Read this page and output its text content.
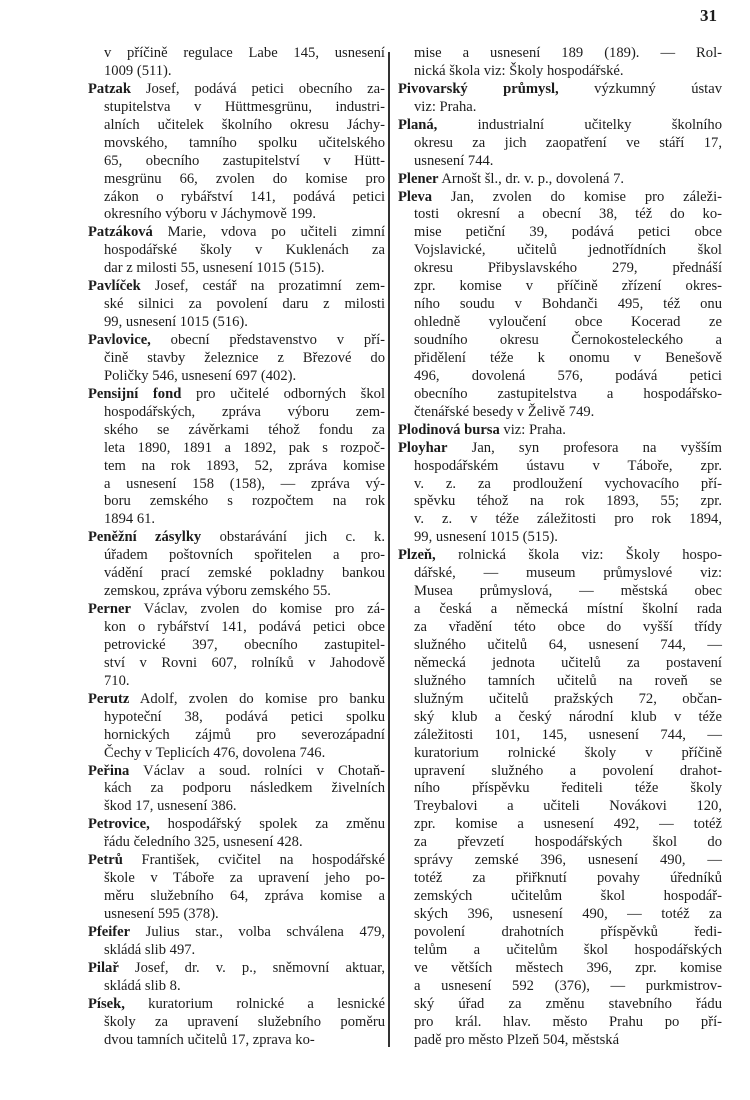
31
v příčině regulace Labe 145, usnesení
1009 (511).
Patzak Josef, podává petici obecního za-
stupitelstva v Hüttmesgrünu, industri-
alních učitelek školního okresu Jáchy-
movského, tamního spolku učitelského
65, obecního zastupitelství v Hütt-
mesgrünu 66, zvolen do komise pro
zákon o rybářství 141, podává petici
okresního výboru v Jáchymově 199.
Patzáková Marie, vdova po učiteli zimní
hospodářské školy v Kuklenách za
dar z milosti 55, usnesení 1015 (515).
Pavlíček Josef, cestář na prozatimní zem-
ské silnici za povolení daru z milosti
99, usnesení 1015 (516).
Pavlovice, obecní představenstvo v pří-
čině stavby železnice z Březové do
Poličky 546, usnesení 697 (402).
Pensijní fond pro učitelé odborných škol
hospodářských, zpráva výboru zem-
ského se závěrkami téhož fondu za
leta 1890, 1891 a 1892, pak s rozpoč-
tem na rok 1893, 52, zpráva komise
a usnesení 158 (158), — zpráva vý-
boru zemského s rozpočtem na rok
1894 61.
Peněžní zásylky obstarávání jich c. k.
úřadem poštovních spořitelen a pro-
vádění prací zemské pokladny bankou
zemskou, zpráva výboru zemského 55.
Perner Václav, zvolen do komise pro zá-
kon o rybářství 141, podává petici obce
petrovické 397, obecního zastupitel-
ství v Rovni 607, rolníků v Jahodově
710.
Perutz Adolf, zvolen do komise pro banku
hypoteční 38, podává petici spolku
hornických zájmů pro severozápadní
Čechy v Teplicích 476, dovolena 746.
Peřina Václav a soud. rolníci v Chotaň-
kách za podporu následkem živelních
škod 17, usnesení 386.
Petrovice, hospodářský spolek za změnu
řádu čeledního 325, usnesení 428.
Petrů František, cvičitel na hospodářské
škole v Táboře za upravení jeho po-
měru služebního 64, zpráva komise a
usnesení 595 (378).
Pfeifer Julius star., volba schválena 479,
skládá slib 497.
Pilař Josef, dr. v. p., sněmovní aktuar,
skládá slib 8.
Písek, kuratorium rolnické a lesnické
školy za upravení služebního poměru
dvou tamních učitelů 17, zprava ko-
mise a usnesení 189 (189). — Rol-
nická škola viz: Školy hospodářské.
Pivovarský průmysl, výzkumný ústav
viz: Praha.
Planá, industrialní učitelky školního
okresu za jich zaopatření ve stáří 17,
usnesení 744.
Plener Arnošt šl., dr. v. p., dovolená 7.
Pleva Jan, zvolen do komise pro záleži-
tosti okresní a obecní 38, též do ko-
mise petiční 39, podává petici obce
Vojslavické, učitelů jednotřídních škol
okresu Přibyslavského 279, přednáší
zpr. komise v příčině zřízení okres-
ního soudu v Bohdanči 495, též onu
ohledně vyloučení obce Kocerad ze
soudního okresu Černokosteleckého a
přidělení téže k onomu v Benešově
496, dovolená 576, podává petici
obecního zastupitelstva a hospodářsko-
čtenářské besedy v Želivě 749.
Plodinová bursa viz: Praha.
Ployhar Jan, syn profesora na vyšším
hospodářském ústavu v Táboře, zpr.
v. z. za prodloužení vychovacího pří-
spěvku téhož na rok 1893, 55; zpr.
v. z. v téže záležitosti pro rok 1894,
99, usnesení 1015 (515).
Plzeň, rolnická škola viz: Školy hospo-
dářské, — museum průmyslové viz:
Musea průmyslová, — městská obec
a česká a německá místní školní rada
za vřadění této obce do vyšší třídy
služného učitelů 64, usnesení 744, —
německá jednota učitelů za postavení
služného tamních učitelů na roveň se
služným učitelů pražských 72, občan-
ský klub a český národní klub v téže
záležitosti 101, 145, usnesení 744, —
kuratorium rolnické školy v příčině
upravení služného a povolení drahot-
ního příspěvku řediteli téže školy
Treybalovi a učiteli Novákovi 120,
zpr. komise a usnesení 492, — totéž
za převzetí hospodářských škol do
správy zemské 396, usnesení 490, —
totéž za přiřknutí povahy úředníků
zemských učitelům škol hospodář-
ských 396, usnesení 490, — totéž za
povolení drahotních příspěvků ředi-
telům a učitelům škol hospodářských
ve větších městech 396, zpr. komise
a usnesení 592 (376), — purkmistrov-
ský úřad za změnu stavebního řádu
pro král. hlav. město Prahu po pří-
padě pro město Plzeň 504, městská
